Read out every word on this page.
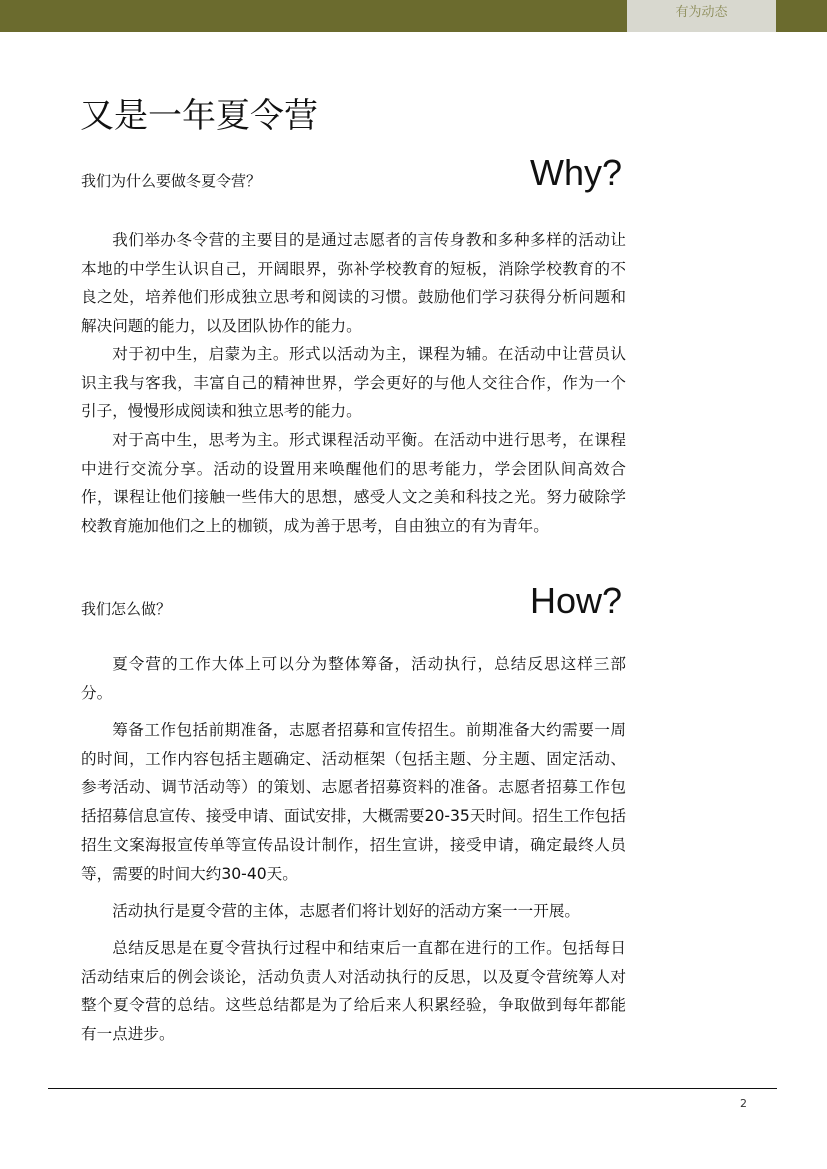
有为动态
又是一年夏令营
我们为什么要做冬夏令营？	Why?

我们举办冬令营的主要目的是通过志愿者的言传身教和多种多样的活动让本地的中学生认识自己，开阔眼界，弥补学校教育的短板，消除学校教育的不良之处，培养他们形成独立思考和阅读的习惯。鼓励他们学习获得分析问题和解决问题的能力，以及团队协作的能力。

对于初中生，启蒙为主。形式以活动为主，课程为辅。在活动中让营员认识主我与客我，丰富自己的精神世界，学会更好的与他人交往合作，作为一个引子，慢慢形成阅读和独立思考的能力。

对于高中生，思考为主。形式课程活动平衡。在活动中进行思考，在课程中进行交流分享。活动的设置用来唤醒他们的思考能力，学会团队间高效合作，课程让他们接触一些伟大的思想，感受人文之美和科技之光。努力破除学校教育施加他们之上的枷锁，成为善于思考，自由独立的有为青年。

我们怎么做？	How?

夏令营的工作大体上可以分为整体筹备，活动执行，总结反思这样三部分。

筹备工作包括前期准备，志愿者招募和宣传招生。前期准备大约需要一周的时间，工作内容包括主题确定、活动框架（包括主题、分主题、固定活动、参考活动、调节活动等）的策划、志愿者招募资料的准备。志愿者招募工作包括招募信息宣传、接受申请、面试安排，大概需要20-35天时间。招生工作包括招生文案海报宣传单等宣传品设计制作，招生宣讲，接受申请，确定最终人员等，需要的时间大约30-40天。

活动执行是夏令营的主体，志愿者们将计划好的活动方案一一开展。

总结反思是在夏令营执行过程中和结束后一直都在进行的工作。包括每日活动结束后的例会谈论，活动负责人对活动执行的反思，以及夏令营统筹人对整个夏令营的总结。这些总结都是为了给后来人积累经验，争取做到每年都能有一点进步。

2
